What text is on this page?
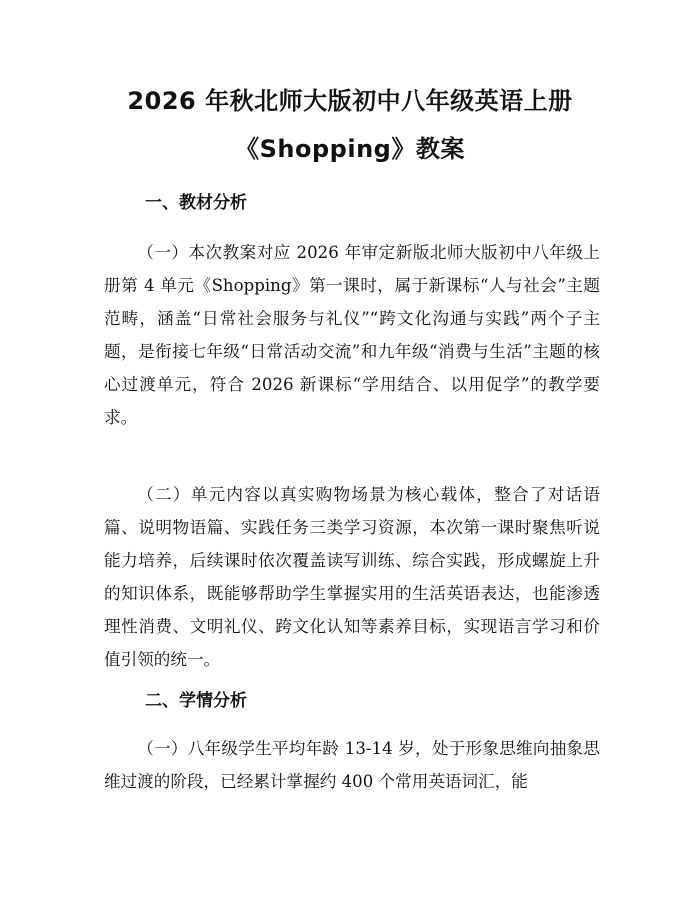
2026 年秋北师大版初中八年级英语上册
《Shopping》教案
一、教材分析

（一）本次教案对应 2026 年审定新版北师大版初中八年级上册第 4 单元《Shopping》第一课时，属于新课标“人与社会”主题范畴，涵盖“日常社会服务与礼仪”“跨文化沟通与实践”两个子主题，是衔接七年级“日常活动交流”和九年级“消费与生活”主题的核心过渡单元，符合 2026 新课标“学用结合、以用促学”的教学要求。

（二）单元内容以真实购物场景为核心载体，整合了对话语篇、说明物语篇、实践任务三类学习资源，本次第一课时聚焦听说能力培养，后续课时依次覆盖读写训练、综合实践，形成螺旋上升的知识体系，既能够帮助学生掌握实用的生活英语表达，也能渗透理性消费、文明礼仪、跨文化认知等素养目标，实现语言学习和价值引领的统一。

二、学情分析

（一）八年级学生平均年龄 13-14 岁，处于形象思维向抽象思维过渡的阶段，已经累计掌握约 400 个常用英语词汇，能
